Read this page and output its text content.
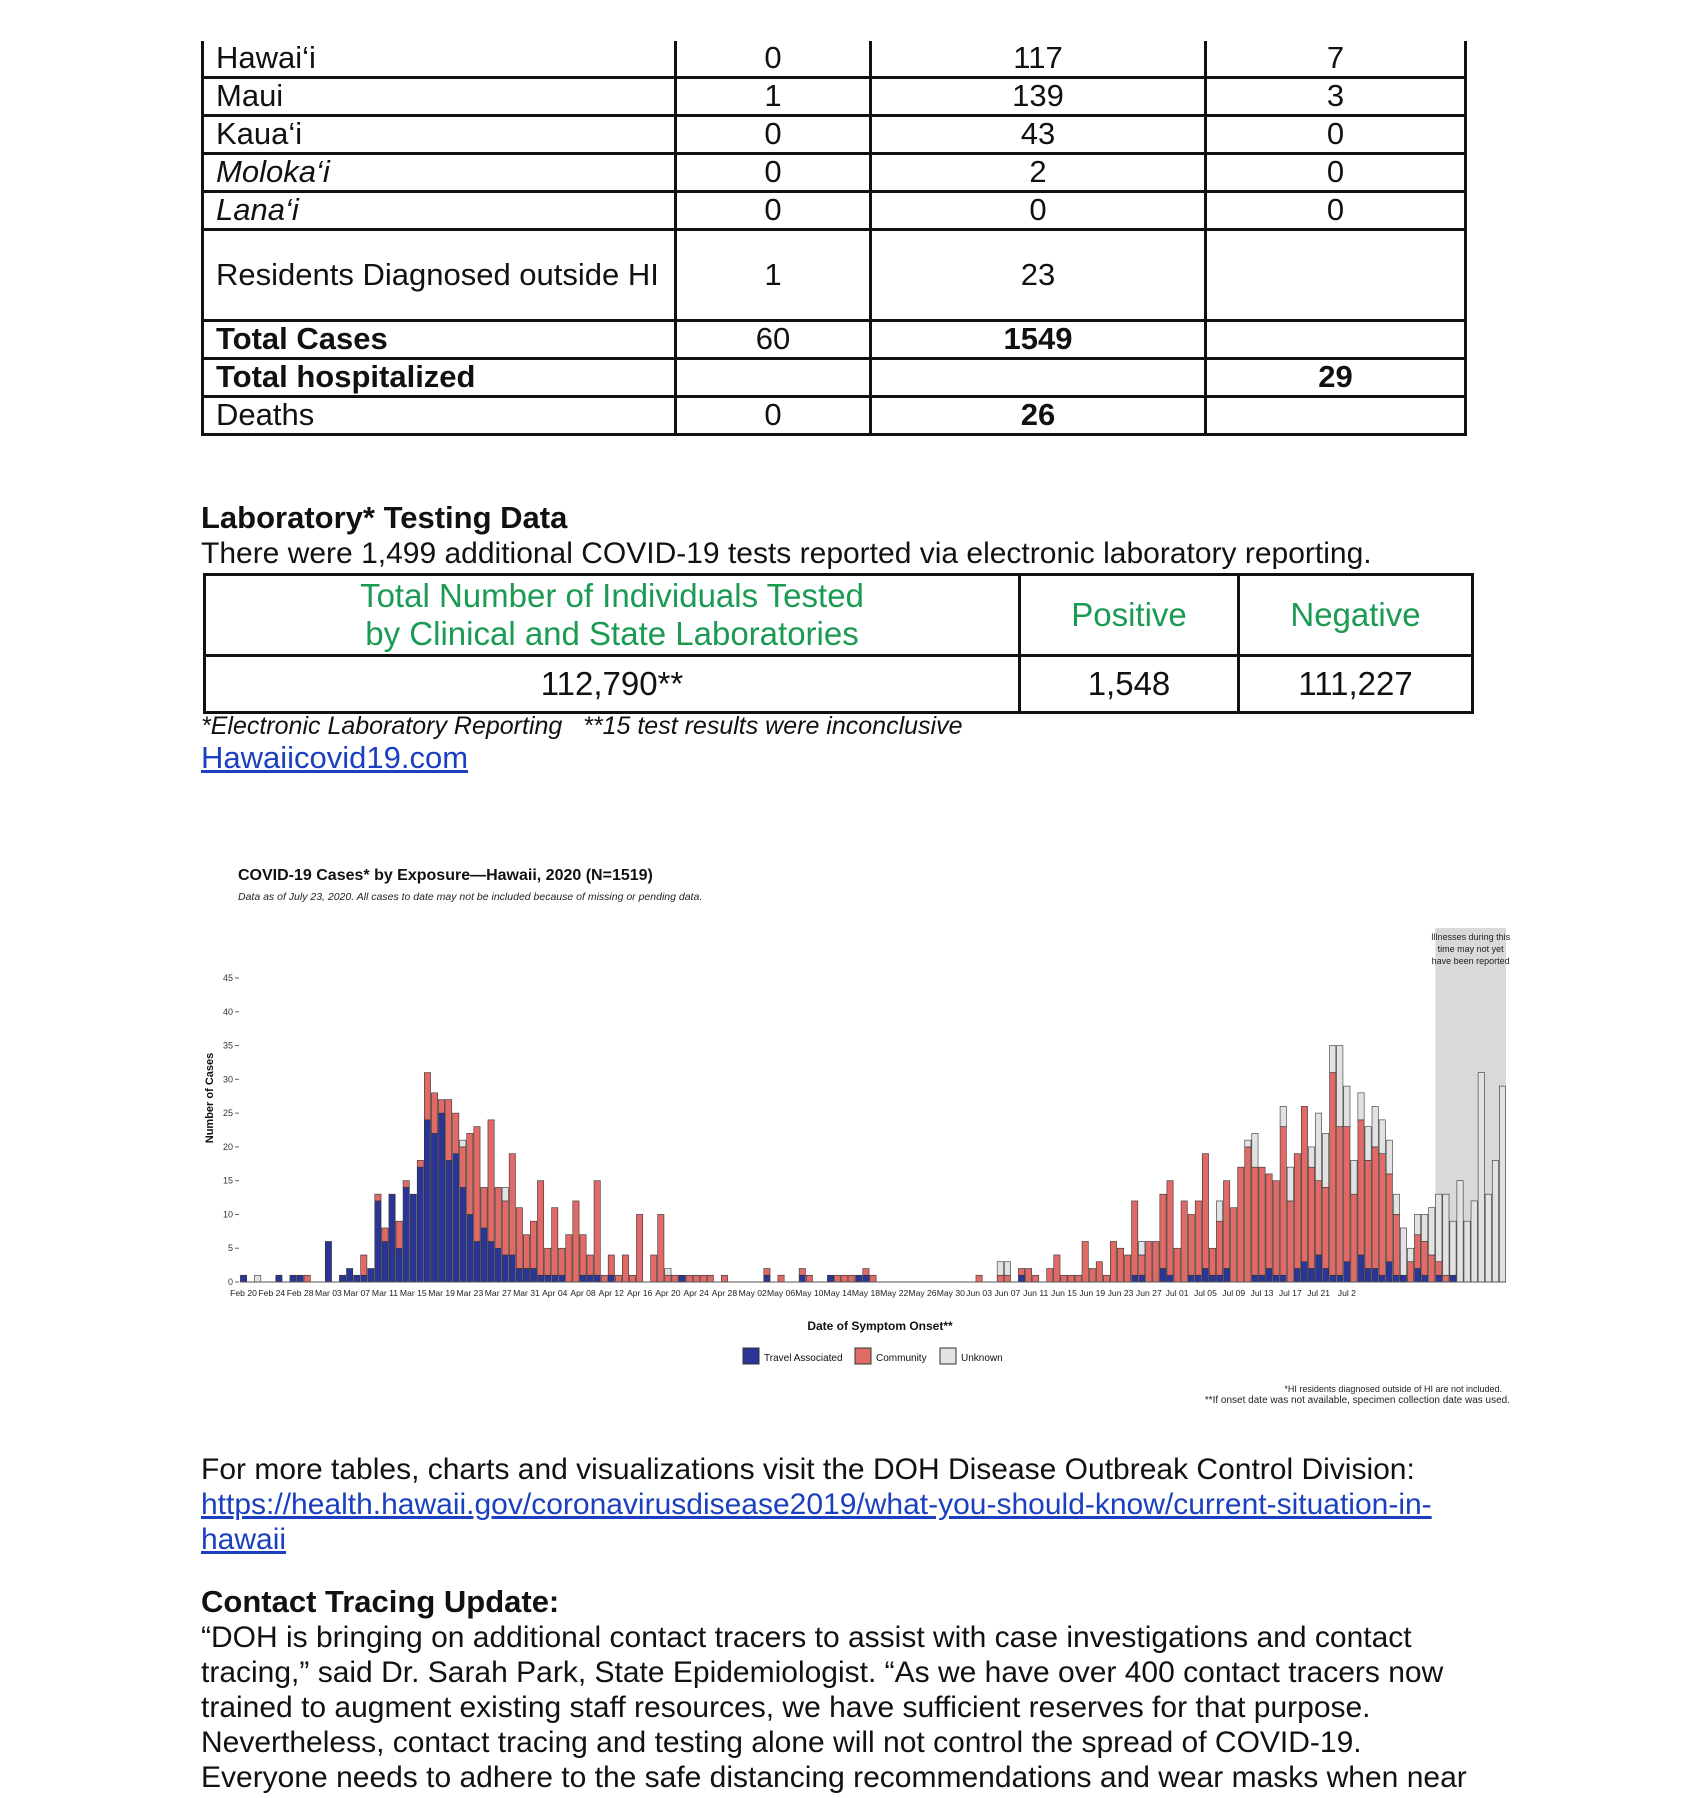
Hawai‘i	0	117	7
Maui	1	139	3
Kaua‘i	0	43	0
Moloka‘i	0	2	0
Lana‘i	0	0	0
Residents Diagnosed outside HI	1	23	
Total Cases	60	1549	
Total hospitalized			29
Deaths	0	26	
Laboratory* Testing Data
There were 1,499 additional COVID-19 tests reported via electronic laboratory reporting.
Total Number of Individuals Tested
by Clinical and State Laboratories	Positive	Negative
112,790**	1,548	111,227
*Electronic Laboratory Reporting   **15 test results were inconclusive
Hawaiicovid19.com
COVID-19 Cases* by Exposure—Hawaii, 2020 (N=1519)
Data as of July 23, 2020. All cases to date may not be included because of missing or pending data.
0
5
10
15
20
25
30
35
40
45
Feb 20 Feb 24 Feb 28 Mar 03 Mar 07 Mar 11 Mar 15 Mar 19 Mar 23 Mar 27 Mar 31 Apr 04 Apr 08 Apr 12 Apr 16 Apr 20 Apr 24 Apr 28 May 02 May 06 May 10 May 14 May 18 May 22 May 26 May 30 Jun 03 Jun 07 Jun 11 Jun 15 Jun 19 Jun 23 Jun 27 Jul 01 Jul 05 Jul 09 Jul 13 Jul 17 Jul 21 Jul 2
Number of Cases
Date of Symptom Onset**
Travel Associated	Community	Unknown
Illnesses during this time may not yet have been reported
*HI residents diagnosed outside of HI are not included.
**If onset date was not available, specimen collection date was used.
For more tables, charts and visualizations visit the DOH Disease Outbreak Control Division:
https://health.hawaii.gov/coronavirusdisease2019/what-you-should-know/current-situation-in-
hawaii
Contact Tracing Update:
“DOH is bringing on additional contact tracers to assist with case investigations and contact
tracing,” said Dr. Sarah Park, State Epidemiologist. “As we have over 400 contact tracers now
trained to augment existing staff resources, we have sufficient reserves for that purpose.
Nevertheless, contact tracing and testing alone will not control the spread of COVID-19.
Everyone needs to adhere to the safe distancing recommendations and wear masks when near
